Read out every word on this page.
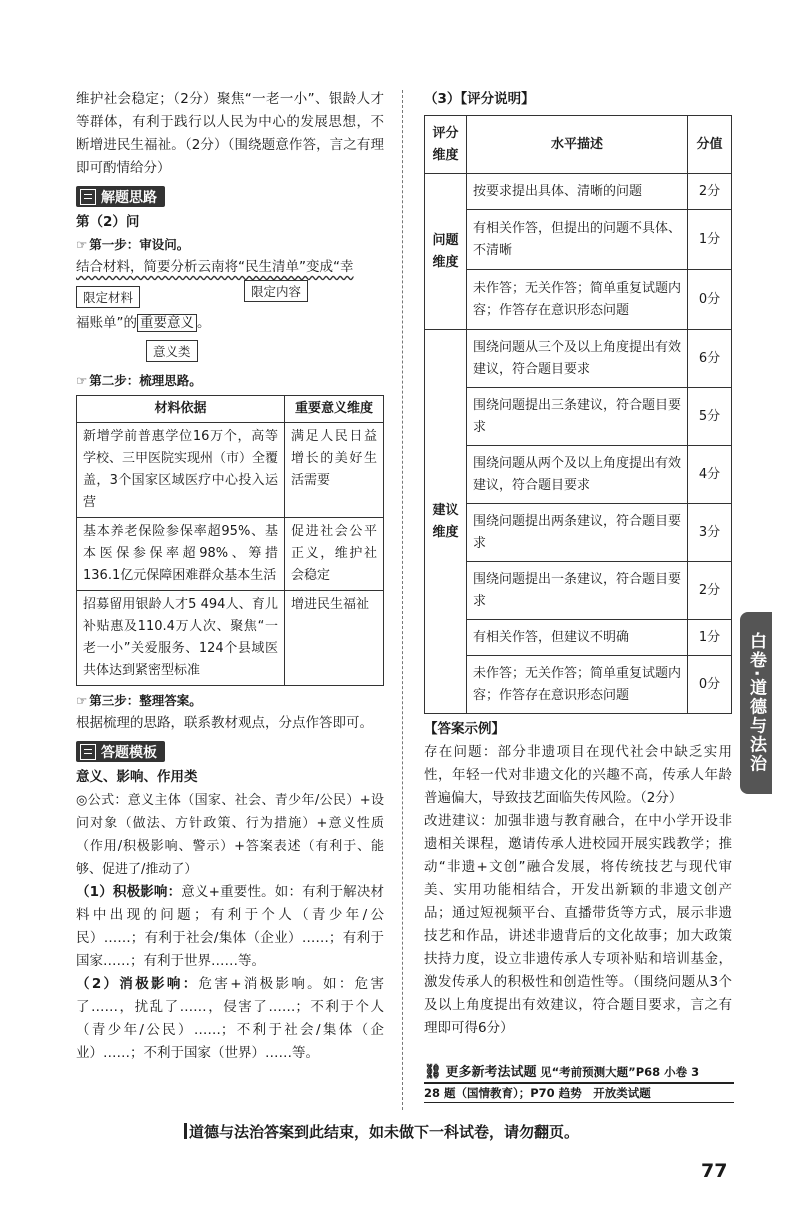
维护社会稳定；（2分）聚焦“一老一小”、银龄人才等群体，有利于践行以人民为中心的发展思想，不断增进民生福祉。（2分）（围绕题意作答，言之有理即可酌情给分）

解题思路

第（2）问

☞ 第一步：审设问。

结合材料，简要分析云南将“民生清单”变成“幸

限定材料	限定内容

福账单”的 重要意义 。

意义类

☞ 第二步：梳理思路。

材料依据	重要意义维度
新增学前普惠学位16万个，高等学校、三甲医院实现州（市）全覆盖，3个国家区域医疗中心投入运营	满足人民日益增长的美好生活需要
基本养老保险参保率超95%、基本医保参保率超98%、筹措136.1亿元保障困难群众基本生活	促进社会公平正义，维护社会稳定
招募留用银龄人才5 494人、育儿补贴惠及110.4万人次、聚焦“一老一小”关爱服务、124个县域医共体达到紧密型标准	增进民生福祉

☞ 第三步：整理答案。

根据梳理的思路，联系教材观点，分点作答即可。

答题模板

意义、影响、作用类

◎公式：意义主体（国家、社会、青少年/公民）+设问对象（做法、方针政策、行为措施）+意义性质（作用/积极影响、警示）+答案表述（有利于、能够、促进了/推动了）

（1）积极影响：意义+重要性。如：有利于解决材料中出现的问题；有利于个人（青少年/公民）……；有利于社会/集体（企业）……；有利于国家……；有利于世界……等。

（2）消极影响：危害+消极影响。如：危害了……，扰乱了……，侵害了……；不利于个人（青少年/公民）……；不利于社会/集体（企业）……；不利于国家（世界）……等。

（3）【评分说明】

评分维度	水平描述	分值
问题维度	按要求提出具体、清晰的问题	2分
	有相关作答，但提出的问题不具体、不清晰	1分
	未作答；无关作答；简单重复试题内容；作答存在意识形态问题	0分
建议维度	围绕问题从三个及以上角度提出有效建议，符合题目要求	6分
	围绕问题提出三条建议，符合题目要求	5分
	围绕问题从两个及以上角度提出有效建议，符合题目要求	4分
	围绕问题提出两条建议，符合题目要求	3分
	围绕问题提出一条建议，符合题目要求	2分
	有相关作答，但建议不明确	1分
	未作答；无关作答；简单重复试题内容；作答存在意识形态问题	0分

【答案示例】

存在问题：部分非遗项目在现代社会中缺乏实用性，年轻一代对非遗文化的兴趣不高，传承人年龄普遍偏大，导致技艺面临失传风险。（2分）

改进建议：加强非遗与教育融合，在中小学开设非遗相关课程，邀请传承人进校园开展实践教学；推动“非遗+文创”融合发展，将传统技艺与现代审美、实用功能相结合，开发出新颖的非遗文创产品；通过短视频平台、直播带货等方式，展示非遗技艺和作品，讲述非遗背后的文化故事；加大政策扶持力度，设立非遗传承人专项补贴和培训基金，激发传承人的积极性和创造性等。（围绕问题从3个及以上角度提出有效建议，符合题目要求，言之有理即可得6分）

⛓ 更多新考法试题 见“考前预测大题”P68 小卷 3
28 题（国情教育）；P70 趋势　开放类试题
白卷·道德与法治
道德与法治答案到此结束，如未做下一科试卷，请勿翻页。
77
